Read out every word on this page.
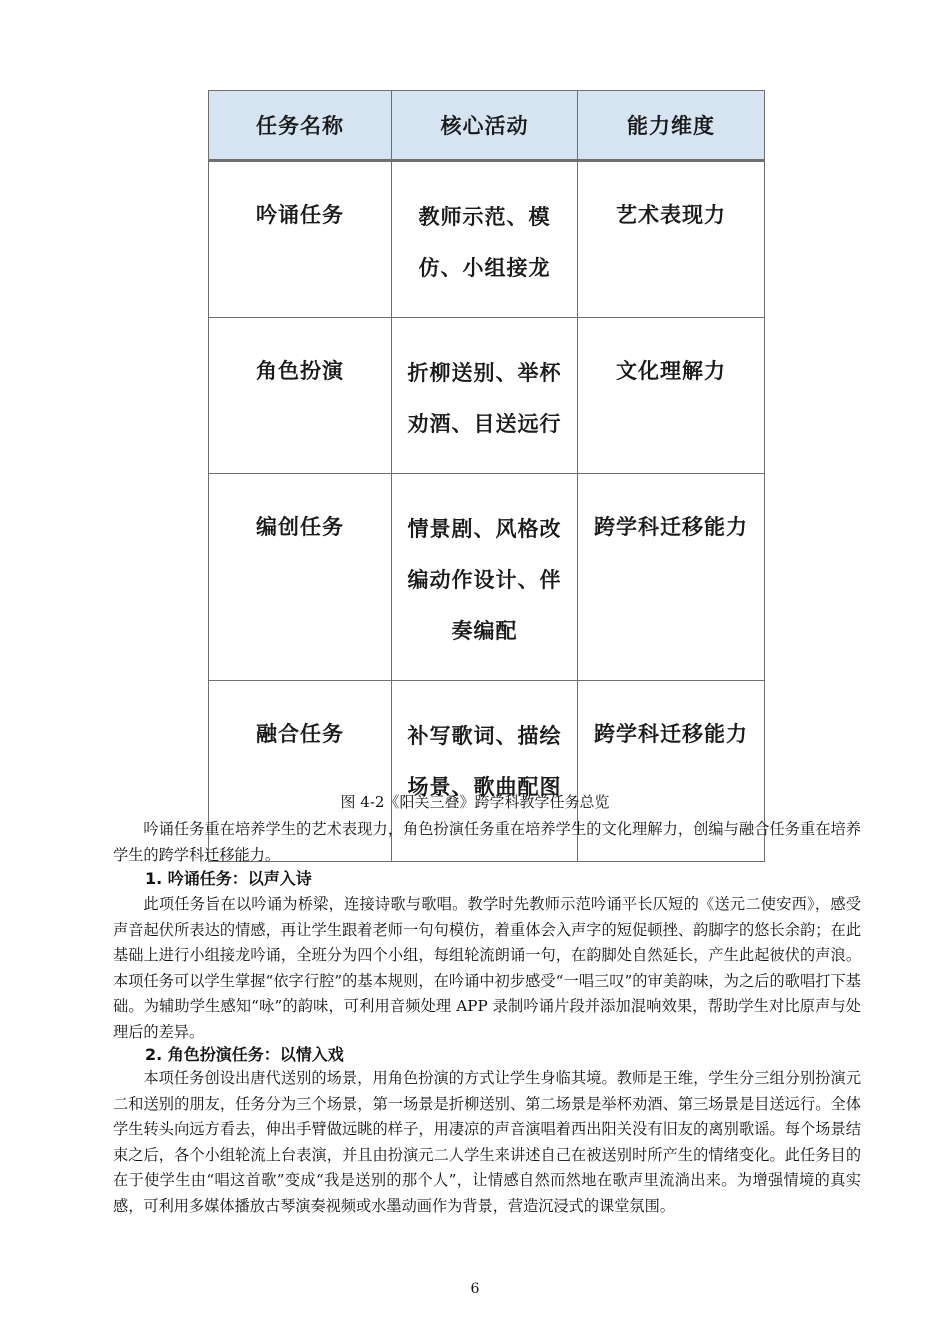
任务名称	核心活动	能力维度
吟诵任务	教师示范、模仿、小组接龙	艺术表现力
角色扮演	折柳送别、举杯劝酒、目送远行	文化理解力
编创任务	情景剧、风格改编动作设计、伴奏编配	跨学科迁移能力
融合任务	补写歌词、描绘场景、歌曲配图	跨学科迁移能力
图 4-2《阳关三叠》跨学科教学任务总览

吟诵任务重在培养学生的艺术表现力，角色扮演任务重在培养学生的文化理解力，创编与融合任务重在培养学生的跨学科迁移能力。

1. 吟诵任务：以声入诗

此项任务旨在以吟诵为桥梁，连接诗歌与歌唱。教学时先教师示范吟诵平长仄短的《送元二使安西》，感受声音起伏所表达的情感，再让学生跟着老师一句句模仿，着重体会入声字的短促顿挫、韵脚字的悠长余韵；在此基础上进行小组接龙吟诵，全班分为四个小组，每组轮流朗诵一句，在韵脚处自然延长，产生此起彼伏的声浪。本项任务可以学生掌握“依字行腔”的基本规则，在吟诵中初步感受“一唱三叹”的审美韵味，为之后的歌唱打下基础。为辅助学生感知“咏”的韵味，可利用音频处理 APP 录制吟诵片段并添加混响效果，帮助学生对比原声与处理后的差异。

2. 角色扮演任务：以情入戏

本项任务创设出唐代送别的场景，用角色扮演的方式让学生身临其境。教师是王维，学生分三组分别扮演元二和送别的朋友，任务分为三个场景，第一场景是折柳送别、第二场景是举杯劝酒、第三场景是目送远行。全体学生转头向远方看去，伸出手臂做远眺的样子，用凄凉的声音演唱着西出阳关没有旧友的离别歌谣。每个场景结束之后，各个小组轮流上台表演，并且由扮演元二人学生来讲述自己在被送别时所产生的情绪变化。此任务目的在于使学生由“唱这首歌”变成“我是送别的那个人”，让情感自然而然地在歌声里流淌出来。为增强情境的真实感，可利用多媒体播放古琴演奏视频或水墨动画作为背景，营造沉浸式的课堂氛围。

6
